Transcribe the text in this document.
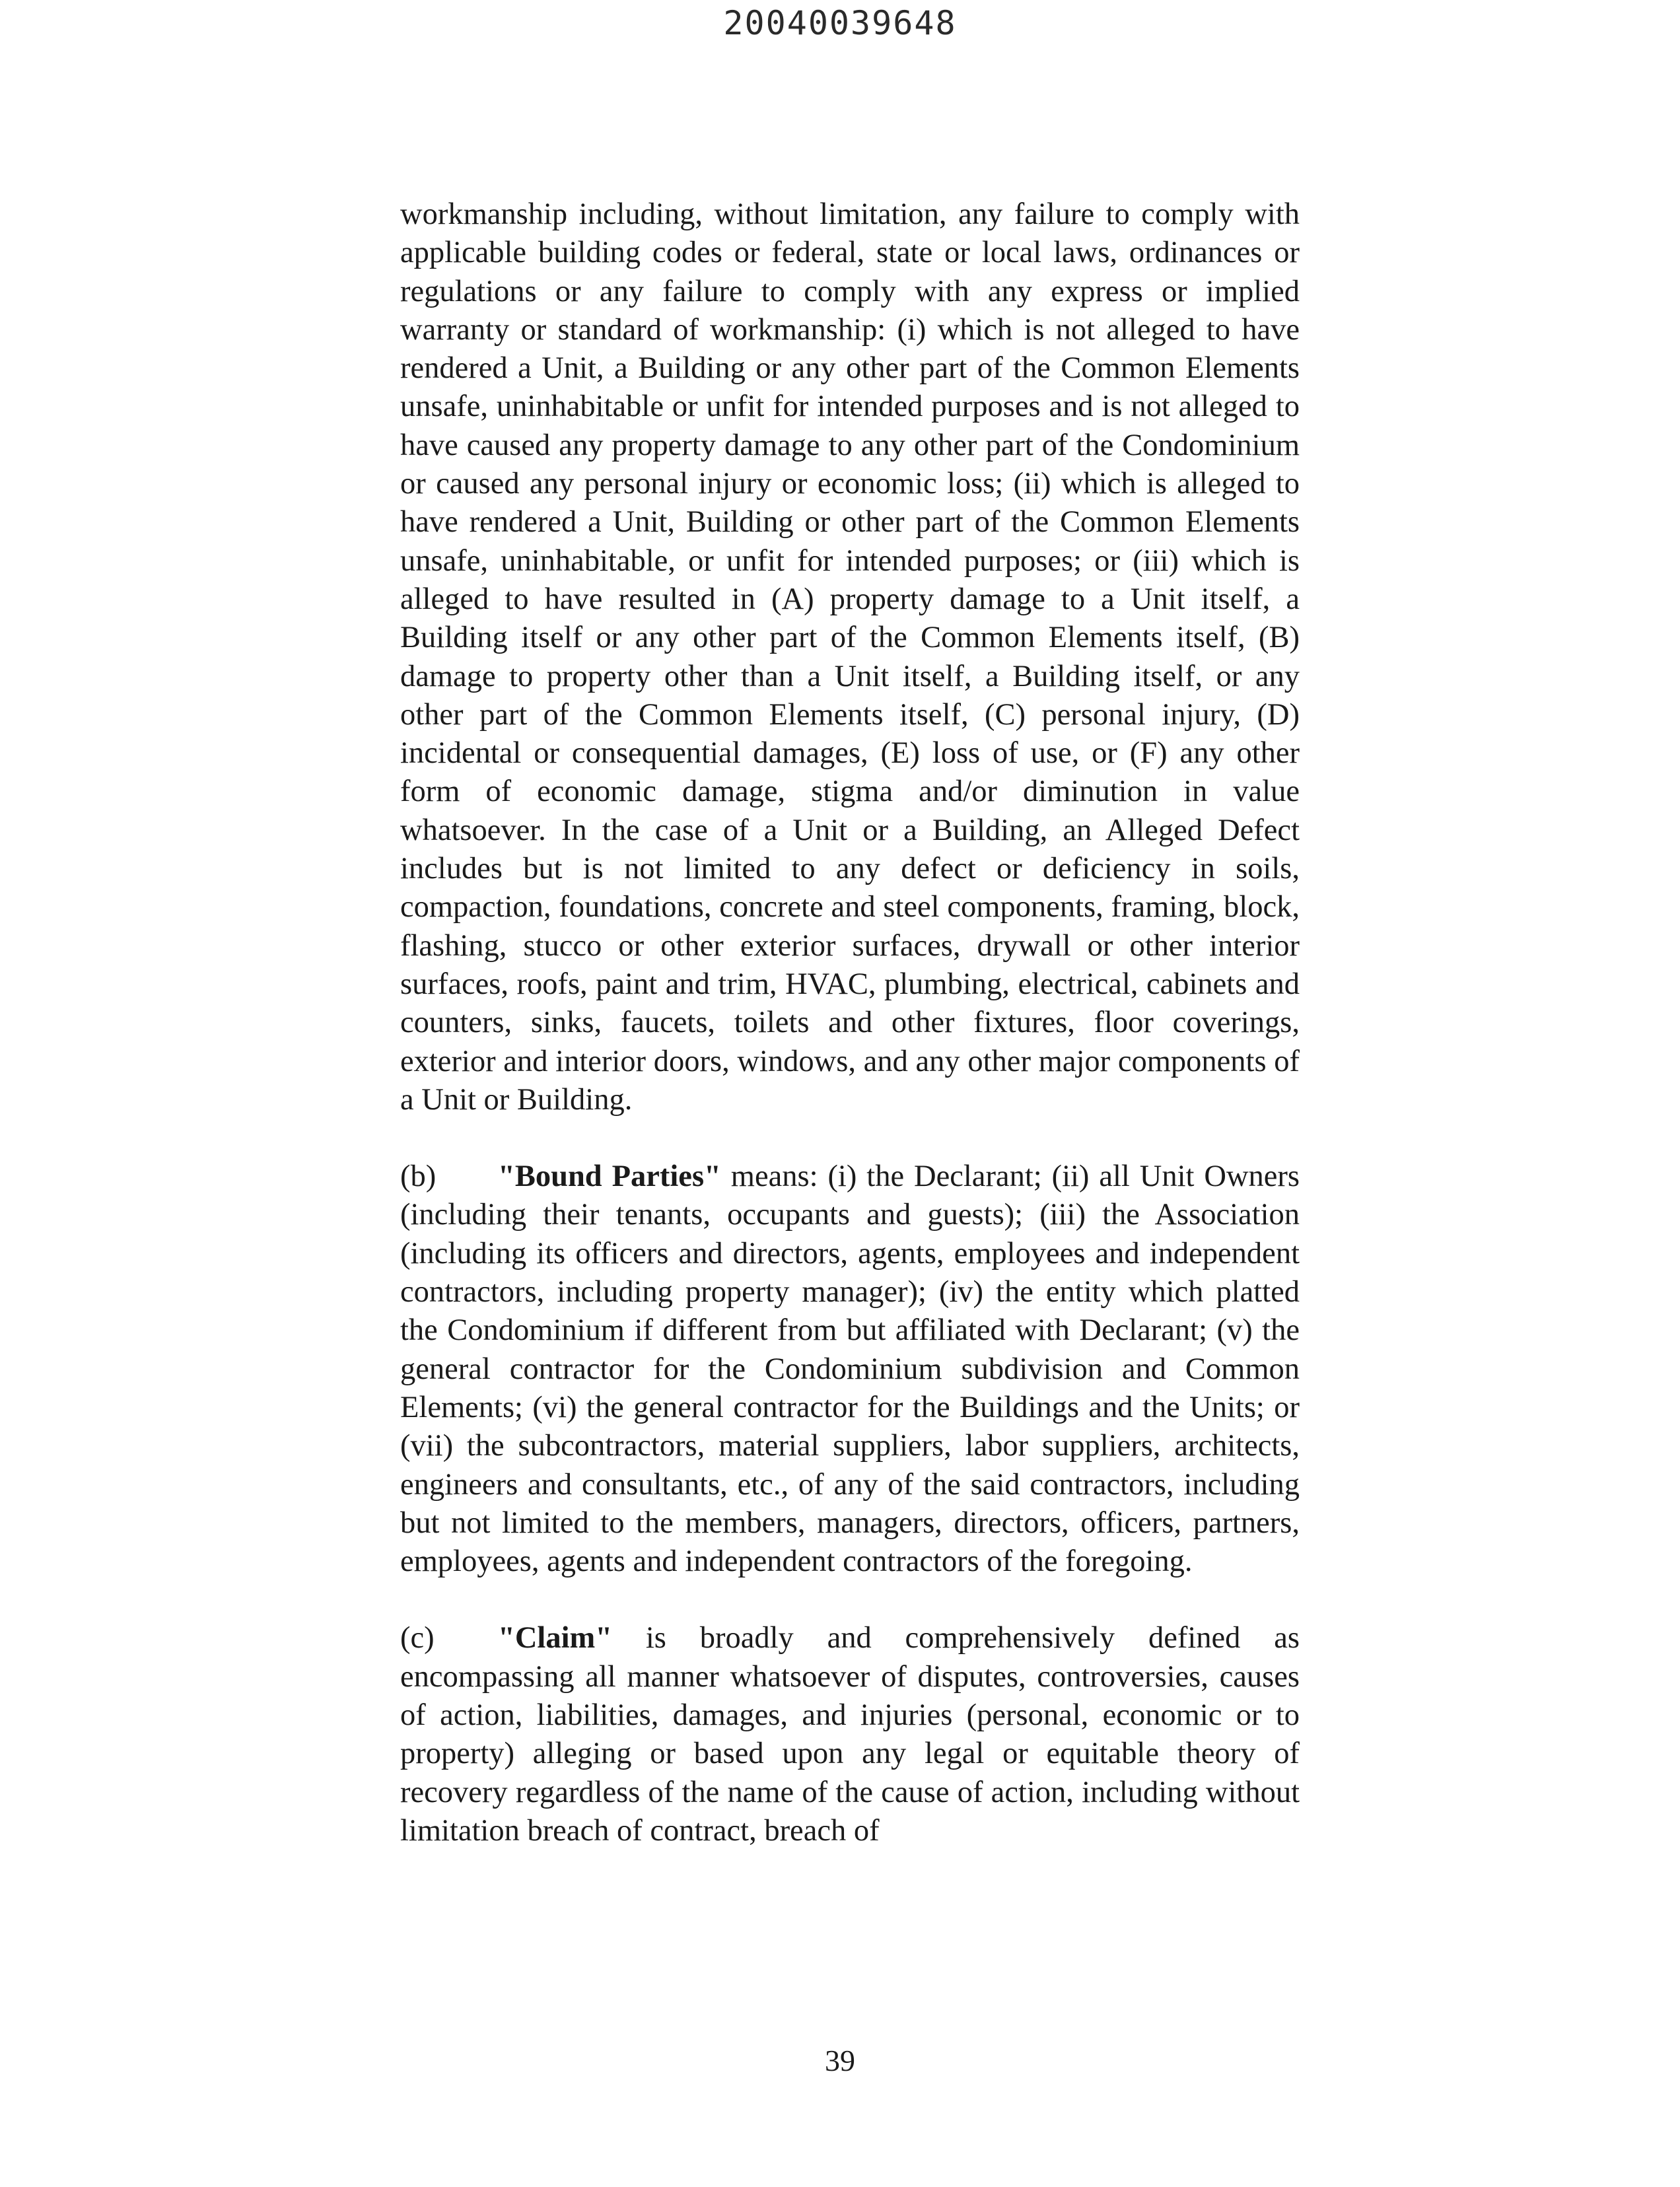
20040039648

workmanship including, without limitation, any failure to comply with applicable building codes or federal, state or local laws, ordinances or regulations or any failure to comply with any express or implied warranty or standard of workmanship: (i) which is not alleged to have rendered a Unit, a Building or any other part of the Common Elements unsafe, uninhabitable or unfit for intended purposes and is not alleged to have caused any property damage to any other part of the Condominium or caused any personal injury or economic loss; (ii) which is alleged to have rendered a Unit, Building or other part of the Common Elements unsafe, uninhabitable, or unfit for intended purposes; or (iii) which is alleged to have resulted in (A) property damage to a Unit itself, a Building itself or any other part of the Common Elements itself, (B) damage to property other than a Unit itself, a Building itself, or any other part of the Common Elements itself, (C) personal injury, (D) incidental or consequential damages, (E) loss of use, or (F) any other form of economic damage, stigma and/or diminution in value whatsoever. In the case of a Unit or a Building, an Alleged Defect includes but is not limited to any defect or deficiency in soils, compaction, foundations, concrete and steel components, framing, block, flashing, stucco or other exterior surfaces, drywall or other interior surfaces, roofs, paint and trim, HVAC, plumbing, electrical, cabinets and counters, sinks, faucets, toilets and other fixtures, floor coverings, exterior and interior doors, windows, and any other major components of a Unit or Building.

(b) "Bound Parties" means: (i) the Declarant; (ii) all Unit Owners (including their tenants, occupants and guests); (iii) the Association (including its officers and directors, agents, employees and independent contractors, including property manager); (iv) the entity which platted the Condominium if different from but affiliated with Declarant; (v) the general contractor for the Condominium subdivision and Common Elements; (vi) the general contractor for the Buildings and the Units; or (vii) the subcontractors, material suppliers, labor suppliers, architects, engineers and consultants, etc., of any of the said contractors, including but not limited to the members, managers, directors, officers, partners, employees, agents and independent contractors of the foregoing.

(c) "Claim" is broadly and comprehensively defined as encompassing all manner whatsoever of disputes, controversies, causes of action, liabilities, damages, and injuries (personal, economic or to property) alleging or based upon any legal or equitable theory of recovery regardless of the name of the cause of action, including without limitation breach of contract, breach of

39
